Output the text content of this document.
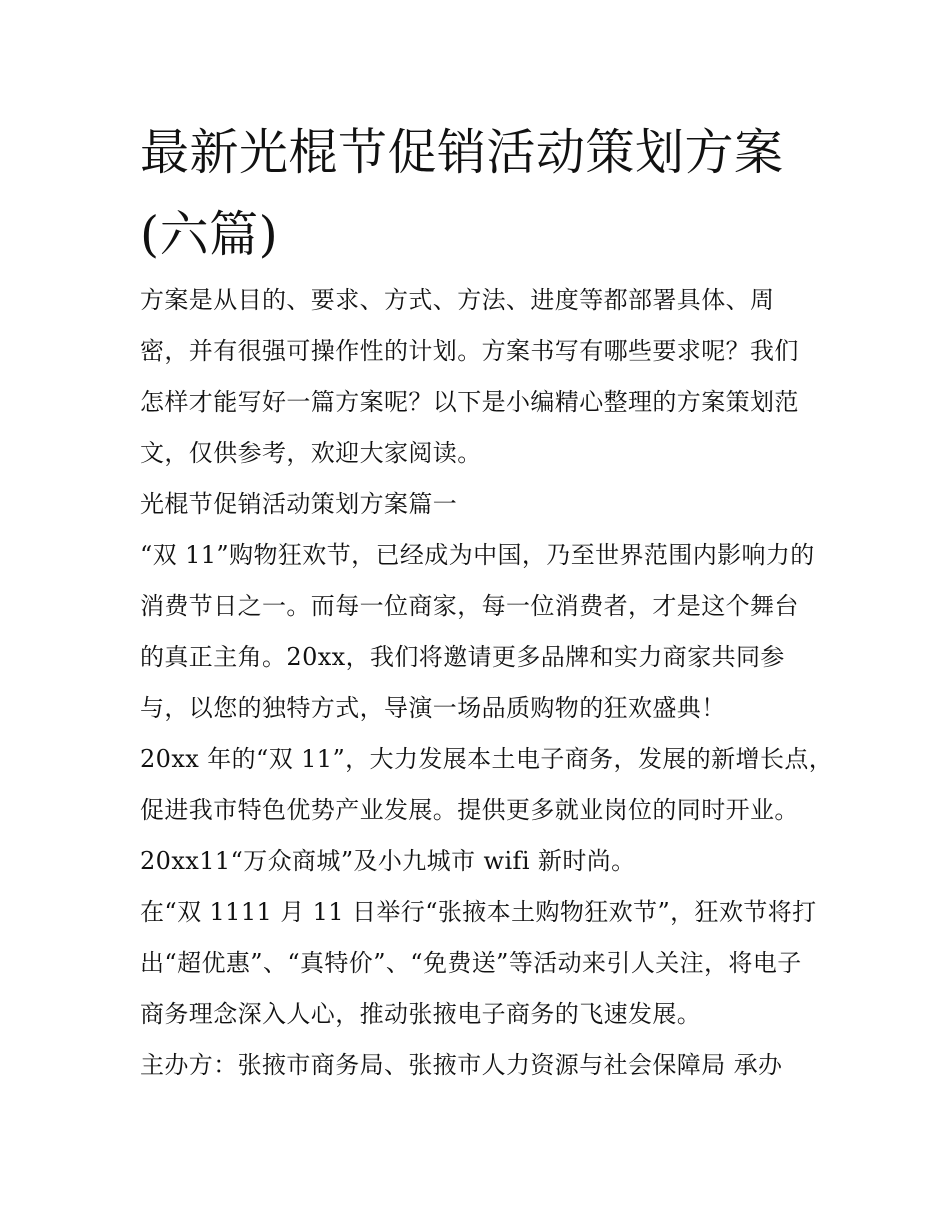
最新光棍节促销活动策划方案
(六篇)

方案是从目的、要求、方式、方法、进度等都部署具体、周

密，并有很强可操作性的计划。方案书写有哪些要求呢？我们

怎样才能写好一篇方案呢？以下是小编精心整理的方案策划范

文，仅供参考，欢迎大家阅读。

光棍节促销活动策划方案篇一

“双 11”购物狂欢节，已经成为中国，乃至世界范围内影响力的

消费节日之一。而每一位商家，每一位消费者，才是这个舞台

的真正主角。20xx，我们将邀请更多品牌和实力商家共同参

与，以您的独特方式，导演一场品质购物的狂欢盛典！

20xx 年的“双 11”，大力发展本土电子商务，发展的新增长点，

促进我市特色优势产业发展。提供更多就业岗位的同时开业。

20xx11“万众商城”及小九城市 wifi 新时尚。

在“双 1111 月 11 日举行“张掖本土购物狂欢节”，狂欢节将打

出“超优惠”、“真特价”、“免费送”等活动来引人关注，将电子

商务理念深入人心，推动张掖电子商务的飞速发展。

主办方：张掖市商务局、张掖市人力资源与社会保障局 承办
